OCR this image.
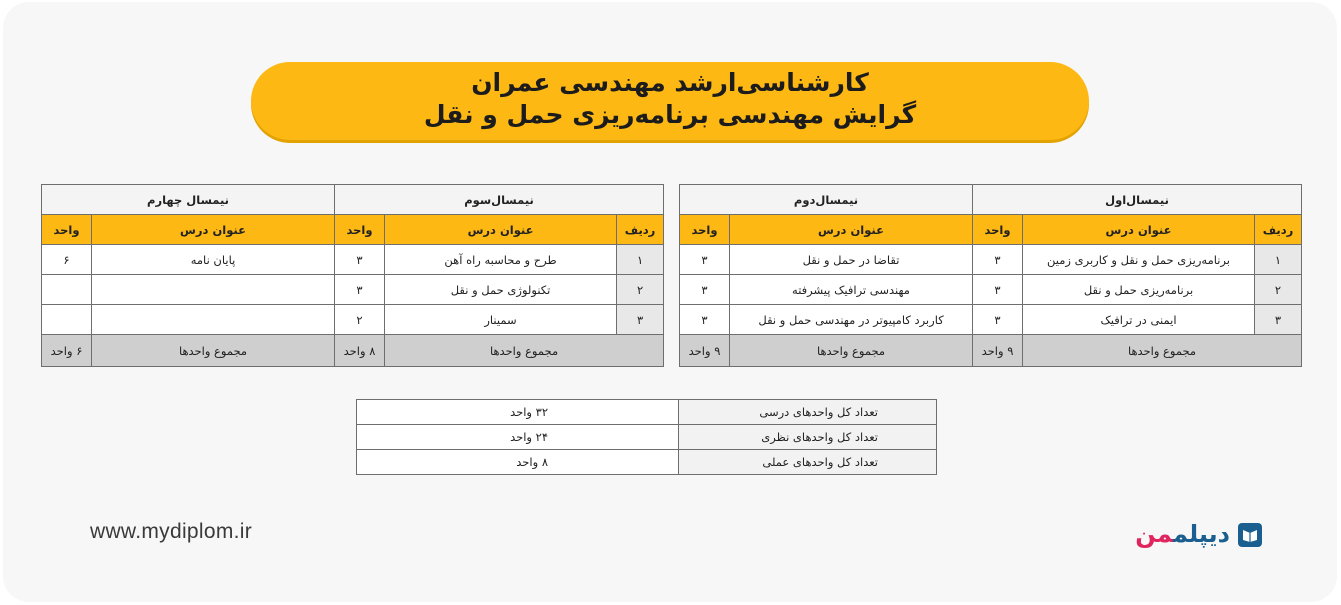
کارشناسی‌ارشد مهندسی عمران
گرایش مهندسی برنامه‌ریزی حمل و نقل
نیمسال‌اول			نیمسال‌دوم	
ردیف	عنوان درس	واحد	عنوان درس	واحد
۱	برنامه‌ریزی حمل و نقل و کاربری زمین	۳	تقاضا در حمل و نقل	۳
۲	برنامه‌ریزی حمل و نقل	۳	مهندسی ترافیک پیشرفته	۳
۳	ایمنی در ترافیک	۳	کاربرد کامپیوتر در مهندسی حمل و نقل	۳
مجموع واحدها		۹ واحد	مجموع واحدها	۹ واحد
نیمسال‌سوم			نیمسال چهارم	
ردیف	عنوان درس	واحد	عنوان درس	واحد
۱	طرح و محاسبه راه آهن	۳	پایان نامه	۶
۲	تکنولوژی حمل و نقل	۳		
۳	سمینار	۲		
مجموع واحدها		۸ واحد	مجموع واحدها	۶ واحد
تعداد کل واحدهای درسی	۳۲ واحد
تعداد کل واحدهای نظری	۲۴ واحد
تعداد کل واحدهای عملی	۸ واحد
www.mydiplom.ir	دیپلممن
